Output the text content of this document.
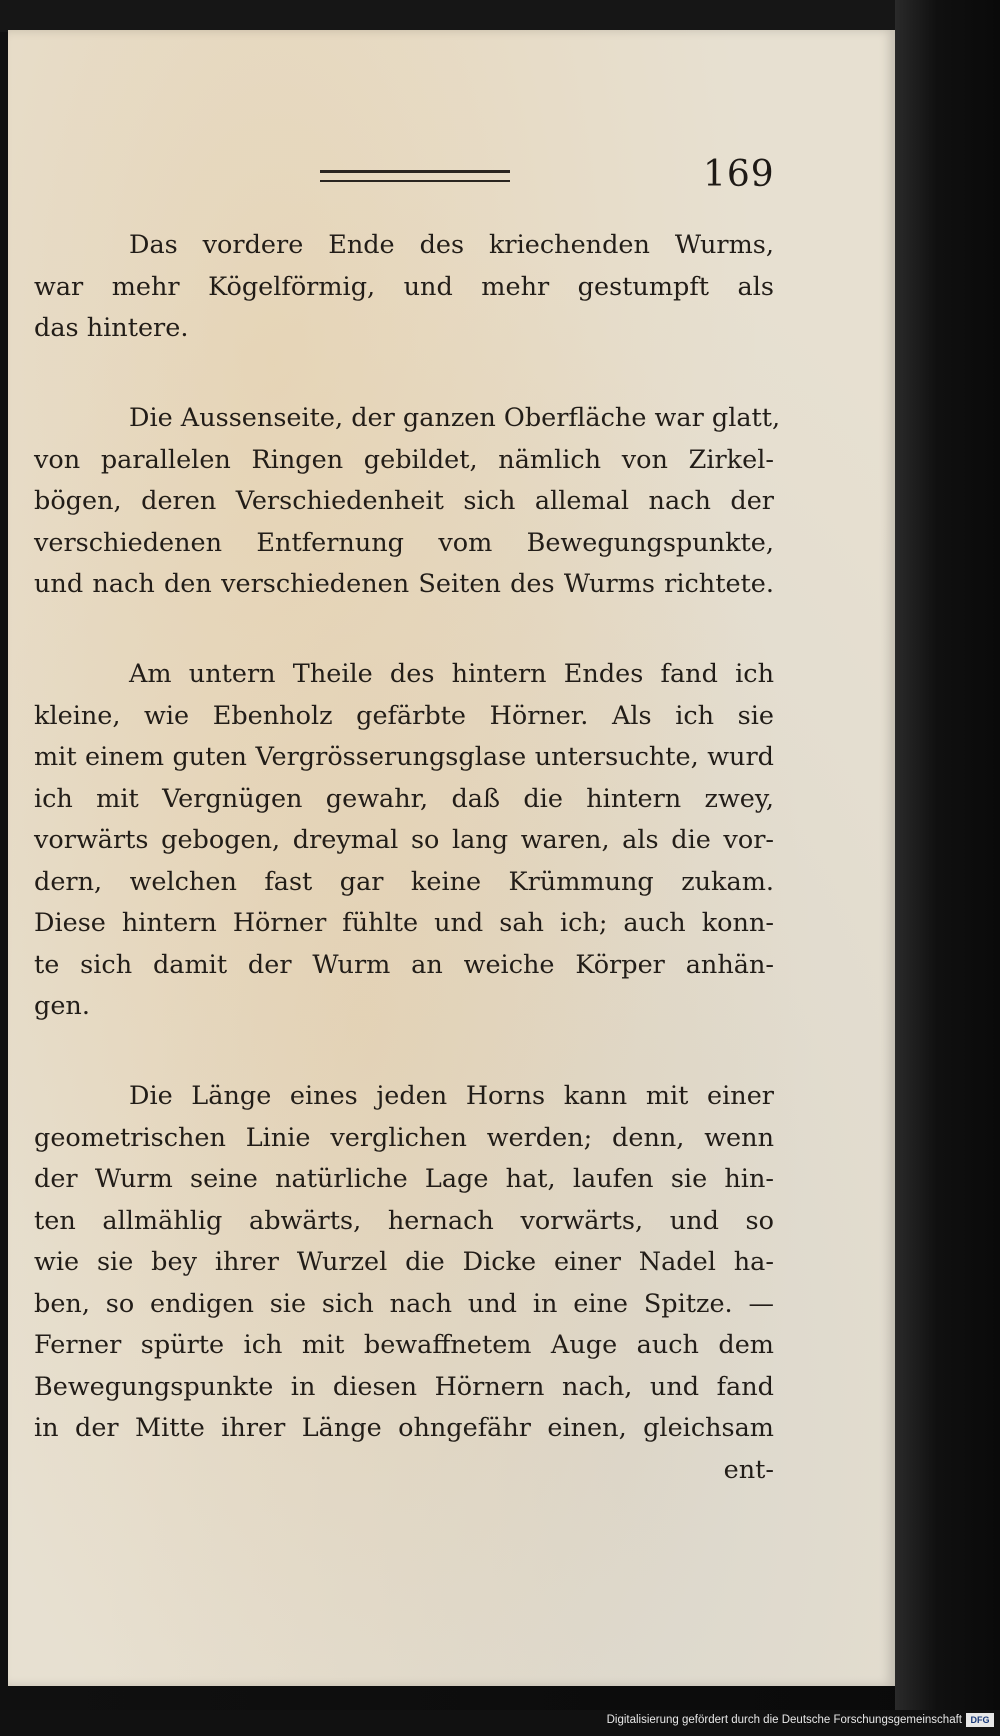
169
Das vordere Ende des kriechenden Wurms,
war mehr Kögelförmig, und mehr gestumpft als
das hintere.
Die Aussenseite, der ganzen Oberfläche war glatt,
von parallelen Ringen gebildet, nämlich von Zirkel-
bögen, deren Verschiedenheit sich allemal nach der
verschiedenen Entfernung vom Bewegungspunkte,
und nach den verschiedenen Seiten des Wurms richtete.
Am untern Theile des hintern Endes fand ich
kleine, wie Ebenholz gefärbte Hörner. Als ich sie
mit einem guten Vergrösserungsglase untersuchte, wurd
ich mit Vergnügen gewahr, daß die hintern zwey,
vorwärts gebogen, dreymal so lang waren, als die vor-
dern, welchen fast gar keine Krümmung zukam.
Diese hintern Hörner fühlte und sah ich; auch konn-
te sich damit der Wurm an weiche Körper anhän-
gen.
Die Länge eines jeden Horns kann mit einer
geometrischen Linie verglichen werden; denn, wenn
der Wurm seine natürliche Lage hat, laufen sie hin-
ten allmählig abwärts, hernach vorwärts, und so
wie sie bey ihrer Wurzel die Dicke einer Nadel ha-
ben, so endigen sie sich nach und in eine Spitze. —
Ferner spürte ich mit bewaffnetem Auge auch dem
Bewegungspunkte in diesen Hörnern nach, und fand
in der Mitte ihrer Länge ohngefähr einen, gleichsam
ent-
Digitalisierung gefördert durch die Deutsche Forschungsgemeinschaft DFG
